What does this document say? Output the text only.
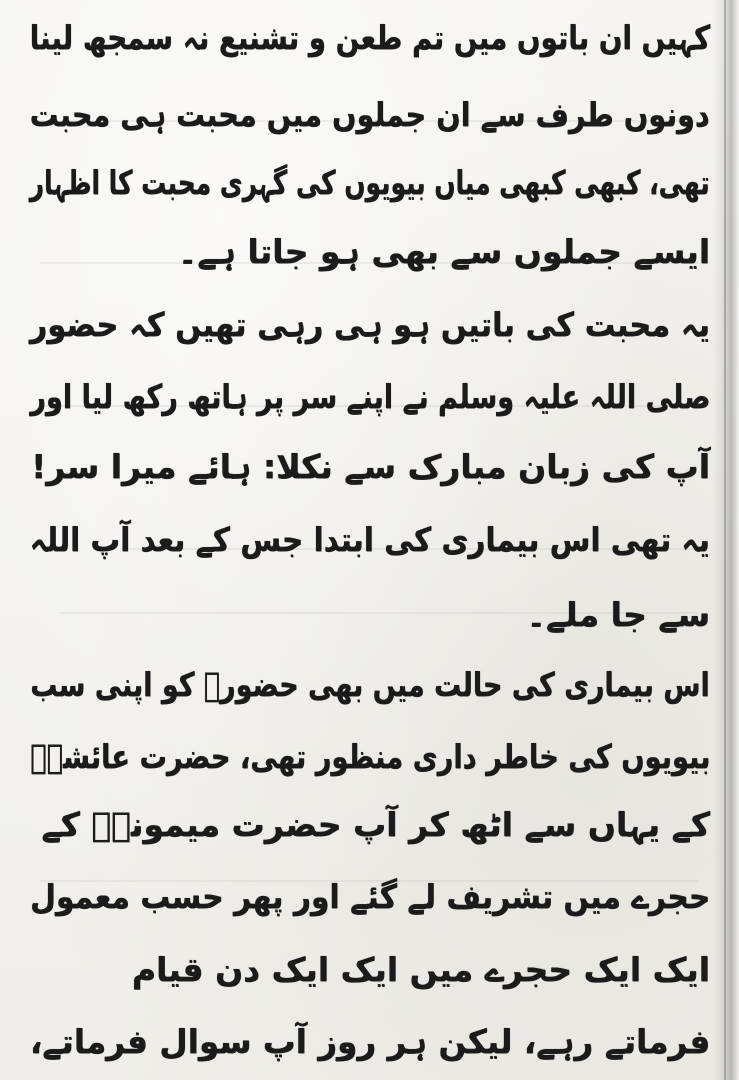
کہیں ان باتوں میں تم طعن و تشنیع نہ سمجھ لینا
دونوں طرف سے ان جملوں میں محبت ہی محبت
تھی، کبھی کبھی میاں بیویوں کی گہری محبت کا اظہار
ایسے جملوں سے بھی ہو جاتا ہے۔
یہ محبت کی باتیں ہو ہی رہی تھیں کہ حضور
صلی اللہ علیہ وسلم نے اپنے سر پر ہاتھ رکھ لیا اور
آپ کی زبان مبارک سے نکلا: ہائے میرا سر!
یہ تھی اس بیماری کی ابتدا جس کے بعد آپ اللہ
سے جا ملے۔
اس بیماری کی حالت میں بھی حضورؐ کو اپنی سب
بیویوں کی خاطر داری منظور تھی، حضرت عائشہؓ
کے یہاں سے اٹھ کر آپ حضرت میمونہؓ کے
حجرے میں تشریف لے گئے اور پھر حسب معمول
ایک ایک حجرے میں ایک ایک دن قیام
فرماتے رہے، لیکن ہر روز آپ سوال فرماتے،
